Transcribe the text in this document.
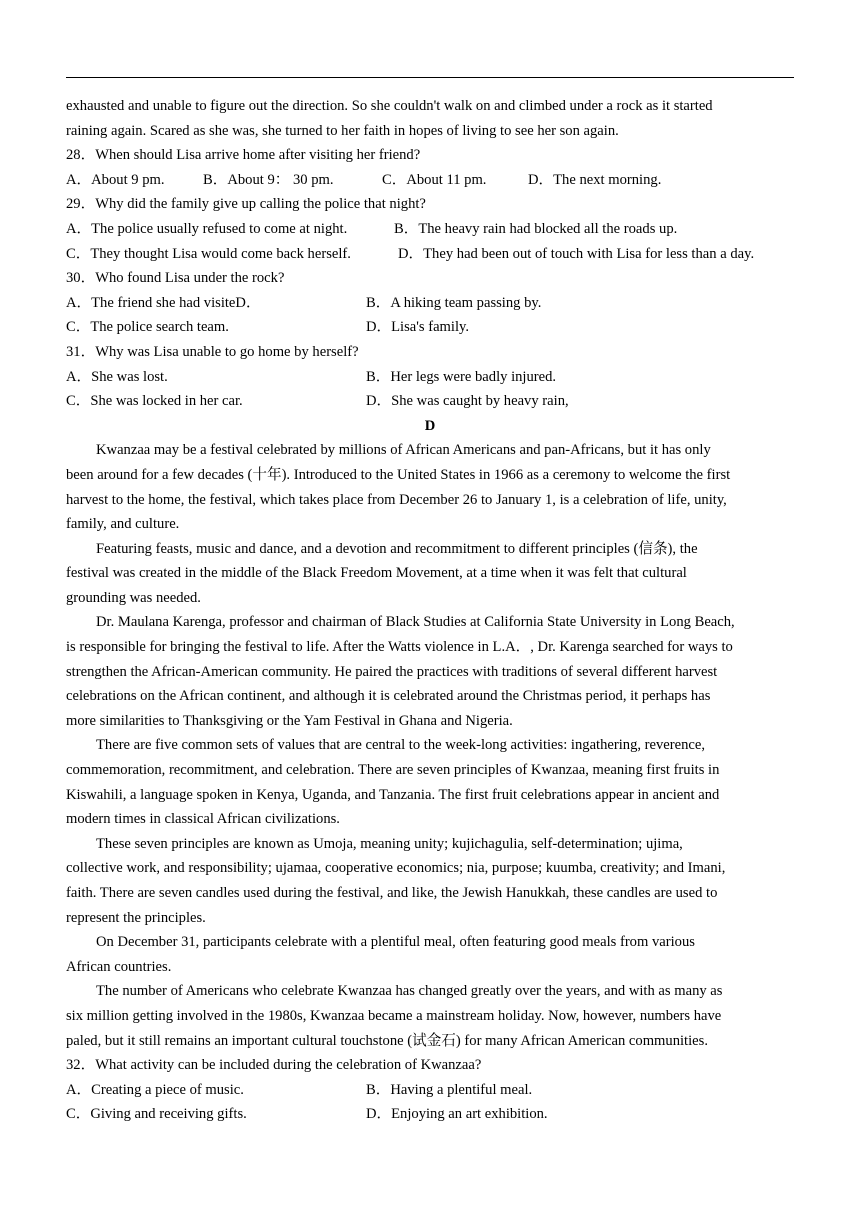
exhausted and unable to figure out the direction. So she couldn't walk on and climbed under a rock as it started
raining again. Scared as she was, she turned to her faith in hopes of living to see her son again.
28．When should Lisa arrive home after visiting her friend?
A．About 9 pm.	B．About 9： 30 pm.	C．About 11 pm.	D．The next morning.
29．Why did the family give up calling the police that night?
A．The police usually refused to come at night.	B．The heavy rain had blocked all the roads up.
C．They thought Lisa would come back herself.	D．They had been out of touch with Lisa for less than a day.
30．Who found Lisa under the rock?
A．The friend she had visiteD．	B．A hiking team passing by.
C．The police search team.	D．Lisa's family.
31．Why was Lisa unable to go home by herself?
A．She was lost.	B．Her legs were badly injured.
C．She was locked in her car.	D．She was caught by heavy rain,
D
Kwanzaa may be a festival celebrated by millions of African Americans and pan-Africans, but it has only
been around for a few decades (十年). Introduced to the United States in 1966 as a ceremony to welcome the first
harvest to the home, the festival, which takes place from December 26 to January 1, is a celebration of life, unity,
family, and culture.
Featuring feasts, music and dance, and a devotion and recommitment to different principles (信条), the
festival was created in the middle of the Black Freedom Movement, at a time when it was felt that cultural
grounding was needed.
Dr. Maulana Karenga, professor and chairman of Black Studies at California State University in Long Beach,
is responsible for bringing the festival to life. After the Watts violence in L.A．, Dr. Karenga searched for ways to
strengthen the African-American community. He paired the practices with traditions of several different harvest
celebrations on the African continent, and although it is celebrated around the Christmas period, it perhaps has
more similarities to Thanksgiving or the Yam Festival in Ghana and Nigeria.
There are five common sets of values that are central to the week-long activities: ingathering, reverence,
commemoration, recommitment, and celebration. There are seven principles of Kwanzaa, meaning first fruits in
Kiswahili, a language spoken in Kenya, Uganda, and Tanzania. The first fruit celebrations appear in ancient and
modern times in classical African civilizations.
These seven principles are known as Umoja, meaning unity; kujichagulia, self-determination; ujima,
collective work, and responsibility; ujamaa, cooperative economics; nia, purpose; kuumba, creativity; and Imani,
faith. There are seven candles used during the festival, and like, the Jewish Hanukkah, these candles are used to
represent the principles.
On December 31, participants celebrate with a plentiful meal, often featuring good meals from various
African countries.
The number of Americans who celebrate Kwanzaa has changed greatly over the years, and with as many as
six million getting involved in the 1980s, Kwanzaa became a mainstream holiday. Now, however, numbers have
paled, but it still remains an important cultural touchstone (试金石) for many African American communities.
32．What activity can be included during the celebration of Kwanzaa?
A．Creating a piece of music.	B．Having a plentiful meal.
C．Giving and receiving gifts.	D．Enjoying an art exhibition.
